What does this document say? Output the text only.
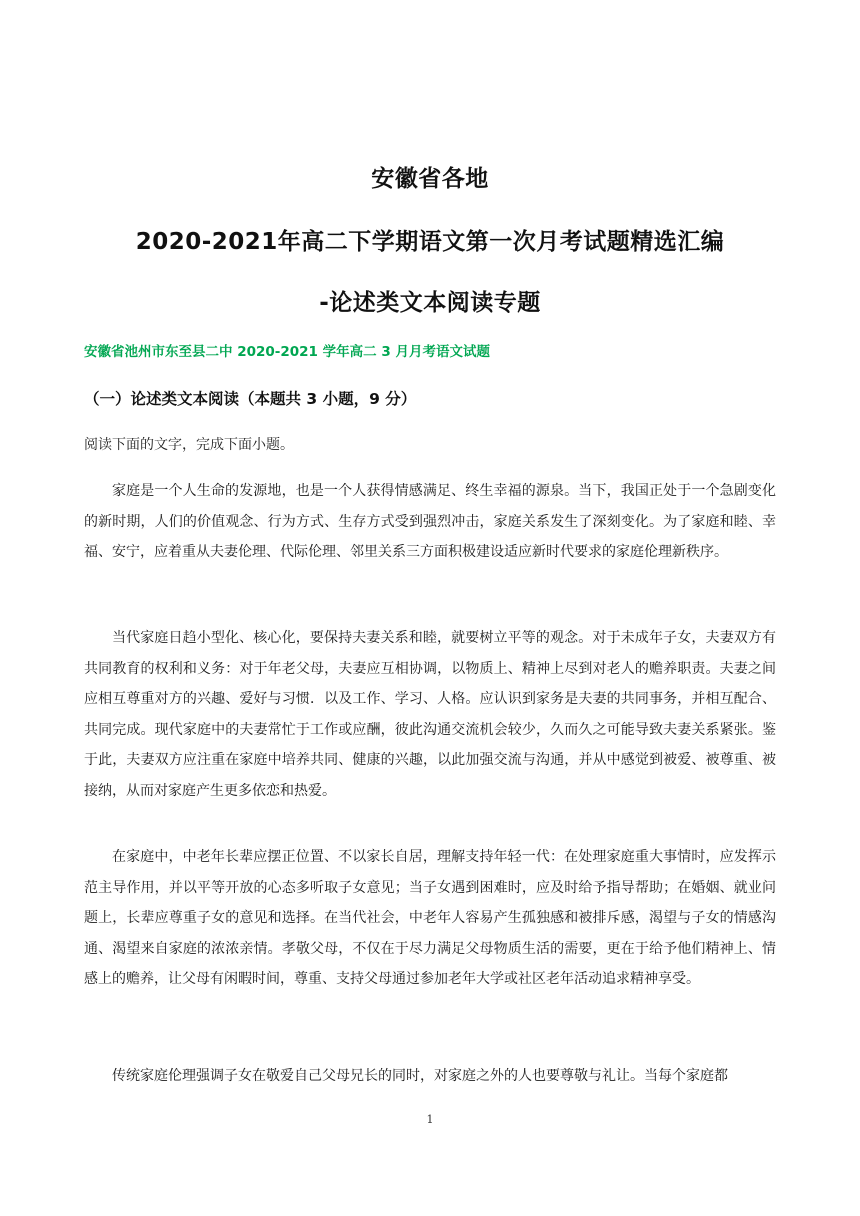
安徽省各地
2020-2021年高二下学期语文第一次月考试题精选汇编
-论述类文本阅读专题
安徽省池州市东至县二中 2020-2021 学年高二 3 月月考语文试题
（一）论述类文本阅读（本题共 3 小题，9 分）
阅读下面的文字，完成下面小题。

家庭是一个人生命的发源地，也是一个人获得情感满足、终生幸福的源泉。当下，我国正处于一个急剧变化的新时期，人们的价值观念、行为方式、生存方式受到强烈冲击，家庭关系发生了深刻变化。为了家庭和睦、幸福、安宁，应着重从夫妻伦理、代际伦理、邻里关系三方面积极建设适应新时代要求的家庭伦理新秩序。

当代家庭日趋小型化、核心化，要保持夫妻关系和睦，就要树立平等的观念。对于未成年子女，夫妻双方有共同教育的权利和义务：对于年老父母，夫妻应互相协调，以物质上、精神上尽到对老人的赡养职责。夫妻之间应相互尊重对方的兴趣、爱好与习惯．以及工作、学习、人格。应认识到家务是夫妻的共同事务，并相互配合、共同完成。现代家庭中的夫妻常忙于工作或应酬，彼此沟通交流机会较少，久而久之可能导致夫妻关系紧张。鉴于此，夫妻双方应注重在家庭中培养共同、健康的兴趣，以此加强交流与沟通，并从中感觉到被爱、被尊重、被接纳，从而对家庭产生更多依恋和热爱。

在家庭中，中老年长辈应摆正位置、不以家长自居，理解支持年轻一代：在处理家庭重大事情时，应发挥示范主导作用，并以平等开放的心态多听取子女意见；当子女遇到困难时，应及时给予指导帮助；在婚姻、就业问题上，长辈应尊重子女的意见和选择。在当代社会，中老年人容易产生孤独感和被排斥感，渴望与子女的情感沟通、渴望来自家庭的浓浓亲情。孝敬父母，不仅在于尽力满足父母物质生活的需要，更在于给予他们精神上、情感上的赡养，让父母有闲暇时间，尊重、支持父母通过参加老年大学或社区老年活动追求精神享受。

传统家庭伦理强调子女在敬爱自己父母兄长的同时，对家庭之外的人也要尊敬与礼让。当每个家庭都

1
